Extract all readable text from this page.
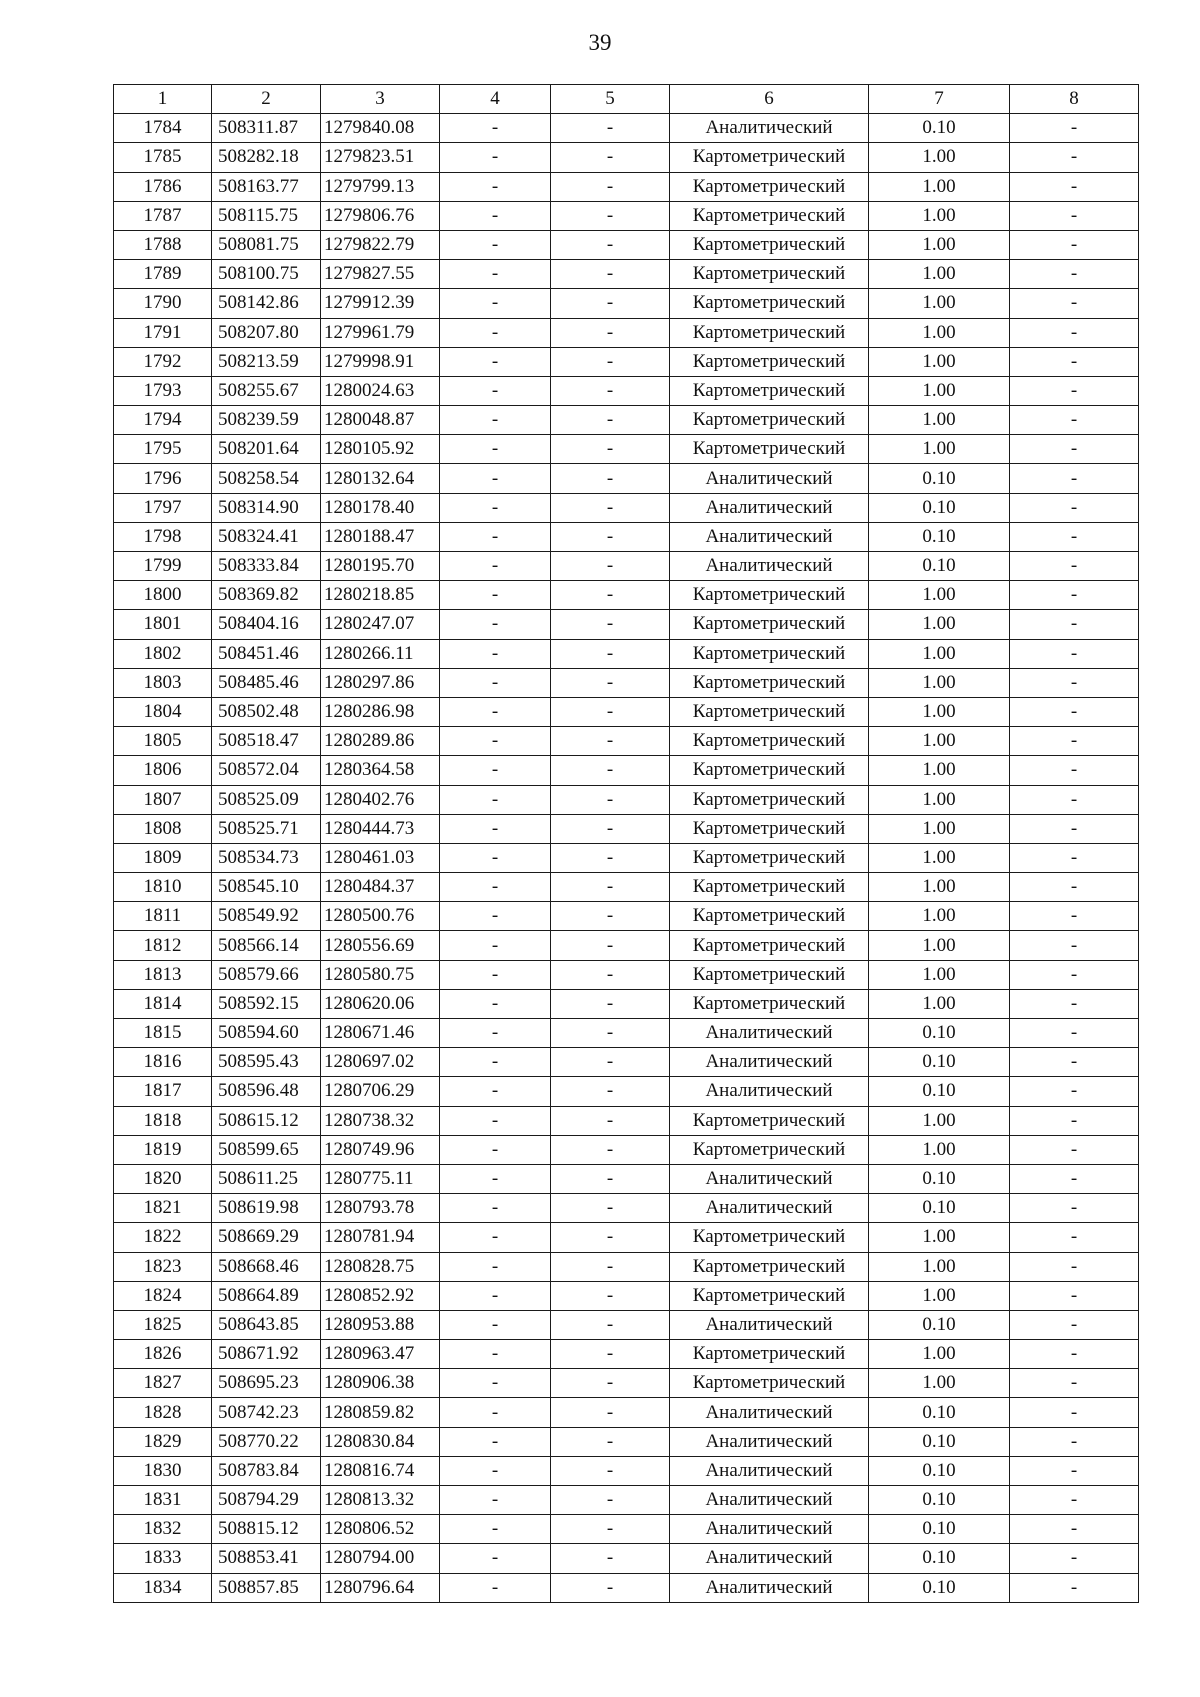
39
1	2	3	4	5	6	7	8
1784	508311.87	1279840.08	-	-	Аналитический	0.10	-
1785	508282.18	1279823.51	-	-	Картометрический	1.00	-
1786	508163.77	1279799.13	-	-	Картометрический	1.00	-
1787	508115.75	1279806.76	-	-	Картометрический	1.00	-
1788	508081.75	1279822.79	-	-	Картометрический	1.00	-
1789	508100.75	1279827.55	-	-	Картометрический	1.00	-
1790	508142.86	1279912.39	-	-	Картометрический	1.00	-
1791	508207.80	1279961.79	-	-	Картометрический	1.00	-
1792	508213.59	1279998.91	-	-	Картометрический	1.00	-
1793	508255.67	1280024.63	-	-	Картометрический	1.00	-
1794	508239.59	1280048.87	-	-	Картометрический	1.00	-
1795	508201.64	1280105.92	-	-	Картометрический	1.00	-
1796	508258.54	1280132.64	-	-	Аналитический	0.10	-
1797	508314.90	1280178.40	-	-	Аналитический	0.10	-
1798	508324.41	1280188.47	-	-	Аналитический	0.10	-
1799	508333.84	1280195.70	-	-	Аналитический	0.10	-
1800	508369.82	1280218.85	-	-	Картометрический	1.00	-
1801	508404.16	1280247.07	-	-	Картометрический	1.00	-
1802	508451.46	1280266.11	-	-	Картометрический	1.00	-
1803	508485.46	1280297.86	-	-	Картометрический	1.00	-
1804	508502.48	1280286.98	-	-	Картометрический	1.00	-
1805	508518.47	1280289.86	-	-	Картометрический	1.00	-
1806	508572.04	1280364.58	-	-	Картометрический	1.00	-
1807	508525.09	1280402.76	-	-	Картометрический	1.00	-
1808	508525.71	1280444.73	-	-	Картометрический	1.00	-
1809	508534.73	1280461.03	-	-	Картометрический	1.00	-
1810	508545.10	1280484.37	-	-	Картометрический	1.00	-
1811	508549.92	1280500.76	-	-	Картометрический	1.00	-
1812	508566.14	1280556.69	-	-	Картометрический	1.00	-
1813	508579.66	1280580.75	-	-	Картометрический	1.00	-
1814	508592.15	1280620.06	-	-	Картометрический	1.00	-
1815	508594.60	1280671.46	-	-	Аналитический	0.10	-
1816	508595.43	1280697.02	-	-	Аналитический	0.10	-
1817	508596.48	1280706.29	-	-	Аналитический	0.10	-
1818	508615.12	1280738.32	-	-	Картометрический	1.00	-
1819	508599.65	1280749.96	-	-	Картометрический	1.00	-
1820	508611.25	1280775.11	-	-	Аналитический	0.10	-
1821	508619.98	1280793.78	-	-	Аналитический	0.10	-
1822	508669.29	1280781.94	-	-	Картометрический	1.00	-
1823	508668.46	1280828.75	-	-	Картометрический	1.00	-
1824	508664.89	1280852.92	-	-	Картометрический	1.00	-
1825	508643.85	1280953.88	-	-	Аналитический	0.10	-
1826	508671.92	1280963.47	-	-	Картометрический	1.00	-
1827	508695.23	1280906.38	-	-	Картометрический	1.00	-
1828	508742.23	1280859.82	-	-	Аналитический	0.10	-
1829	508770.22	1280830.84	-	-	Аналитический	0.10	-
1830	508783.84	1280816.74	-	-	Аналитический	0.10	-
1831	508794.29	1280813.32	-	-	Аналитический	0.10	-
1832	508815.12	1280806.52	-	-	Аналитический	0.10	-
1833	508853.41	1280794.00	-	-	Аналитический	0.10	-
1834	508857.85	1280796.64	-	-	Аналитический	0.10	-
